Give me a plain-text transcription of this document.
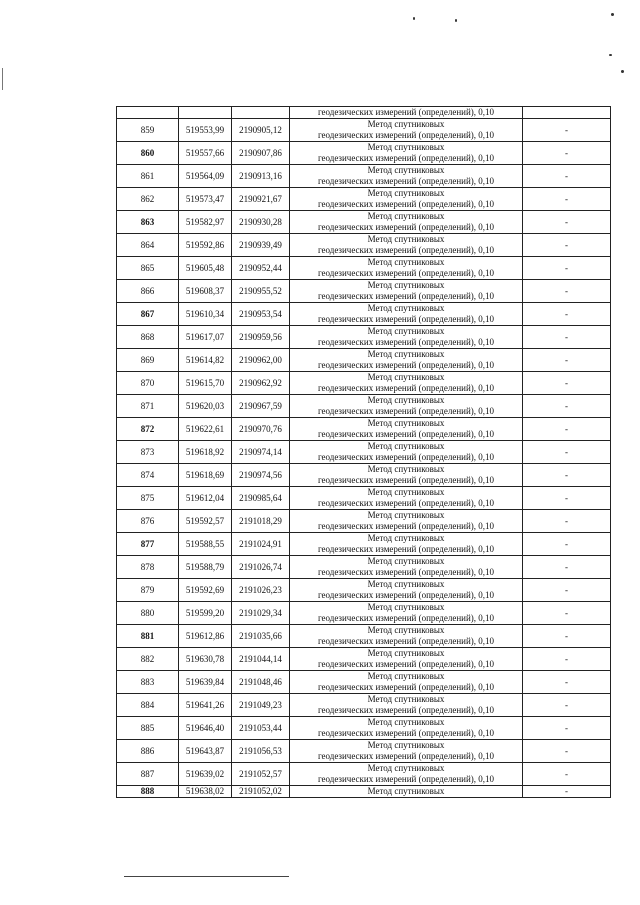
			геодезических измерений (определений), 0,10	
859	519553,99	2190905,12	Метод спутниковых
геодезических измерений (определений), 0,10	-
860	519557,66	2190907,86	Метод спутниковых
геодезических измерений (определений), 0,10	-
861	519564,09	2190913,16	Метод спутниковых
геодезических измерений (определений), 0,10	-
862	519573,47	2190921,67	Метод спутниковых
геодезических измерений (определений), 0,10	-
863	519582,97	2190930,28	Метод спутниковых
геодезических измерений (определений), 0,10	-
864	519592,86	2190939,49	Метод спутниковых
геодезических измерений (определений), 0,10	-
865	519605,48	2190952,44	Метод спутниковых
геодезических измерений (определений), 0,10	-
866	519608,37	2190955,52	Метод спутниковых
геодезических измерений (определений), 0,10	-
867	519610,34	2190953,54	Метод спутниковых
геодезических измерений (определений), 0,10	-
868	519617,07	2190959,56	Метод спутниковых
геодезических измерений (определений), 0,10	-
869	519614,82	2190962,00	Метод спутниковых
геодезических измерений (определений), 0,10	-
870	519615,70	2190962,92	Метод спутниковых
геодезических измерений (определений), 0,10	-
871	519620,03	2190967,59	Метод спутниковых
геодезических измерений (определений), 0,10	-
872	519622,61	2190970,76	Метод спутниковых
геодезических измерений (определений), 0,10	-
873	519618,92	2190974,14	Метод спутниковых
геодезических измерений (определений), 0,10	-
874	519618,69	2190974,56	Метод спутниковых
геодезических измерений (определений), 0,10	-
875	519612,04	2190985,64	Метод спутниковых
геодезических измерений (определений), 0,10	-
876	519592,57	2191018,29	Метод спутниковых
геодезических измерений (определений), 0,10	-
877	519588,55	2191024,91	Метод спутниковых
геодезических измерений (определений), 0,10	-
878	519588,79	2191026,74	Метод спутниковых
геодезических измерений (определений), 0,10	-
879	519592,69	2191026,23	Метод спутниковых
геодезических измерений (определений), 0,10	-
880	519599,20	2191029,34	Метод спутниковых
геодезических измерений (определений), 0,10	-
881	519612,86	2191035,66	Метод спутниковых
геодезических измерений (определений), 0,10	-
882	519630,78	2191044,14	Метод спутниковых
геодезических измерений (определений), 0,10	-
883	519639,84	2191048,46	Метод спутниковых
геодезических измерений (определений), 0,10	-
884	519641,26	2191049,23	Метод спутниковых
геодезических измерений (определений), 0,10	-
885	519646,40	2191053,44	Метод спутниковых
геодезических измерений (определений), 0,10	-
886	519643,87	2191056,53	Метод спутниковых
геодезических измерений (определений), 0,10	-
887	519639,02	2191052,57	Метод спутниковых
геодезических измерений (определений), 0,10	-
888	519638,02	2191052,02	Метод спутниковых	-
